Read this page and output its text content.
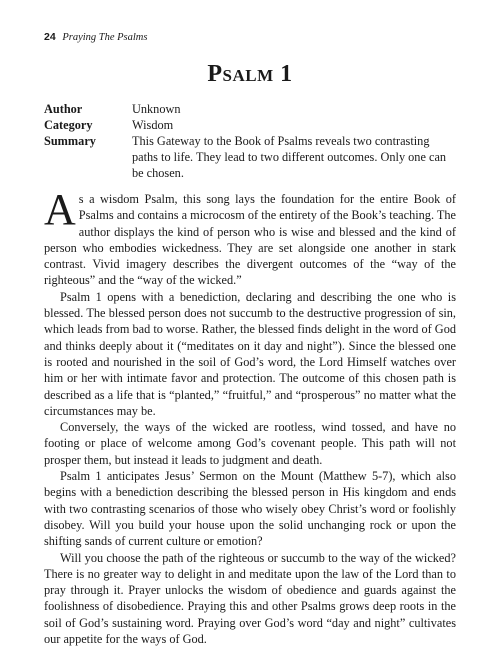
24 Praying The Psalms
Psalm 1
Author	Unknown
Category	Wisdom
Summary	This Gateway to the Book of Psalms reveals two contrasting paths to life. They lead to two different outcomes. Only one can be chosen.

As a wisdom Psalm, this song lays the foundation for the entire Book of Psalms and contains a microcosm of the entirety of the Book’s teaching. The author displays the kind of person who is wise and blessed and the kind of person who embodies wickedness. They are set alongside one another in stark contrast. Vivid imagery describes the divergent outcomes of the “way of the righteous” and the “way of the wicked.”

Psalm 1 opens with a benediction, declaring and describing the one who is blessed. The blessed person does not succumb to the destructive progression of sin, which leads from bad to worse. Rather, the blessed finds delight in the word of God and thinks deeply about it (“meditates on it day and night”). Since the blessed one is rooted and nourished in the soil of God’s word, the Lord Himself watches over him or her with intimate favor and protection. The outcome of this chosen path is described as a life that is “planted,” “fruitful,” and “prosperous” no matter what the circumstances may be.

Conversely, the ways of the wicked are rootless, wind tossed, and have no footing or place of welcome among God’s covenant people. This path will not prosper them, but instead it leads to judgment and death.

Psalm 1 anticipates Jesus’ Sermon on the Mount (Matthew 5-7), which also begins with a benediction describing the blessed person in His kingdom and ends with two contrasting scenarios of those who wisely obey Christ’s word or foolishly disobey. Will you build your house upon the solid unchanging rock or upon the shifting sands of current culture or emotion?

Will you choose the path of the righteous or succumb to the way of the wicked? There is no greater way to delight in and meditate upon the law of the Lord than to pray through it. Prayer unlocks the wisdom of obedience and guards against the foolishness of disobedience. Praying this and other Psalms grows deep roots in the soil of God’s sustaining word. Praying over God’s word “day and night” cultivates our appetite for the ways of God.
